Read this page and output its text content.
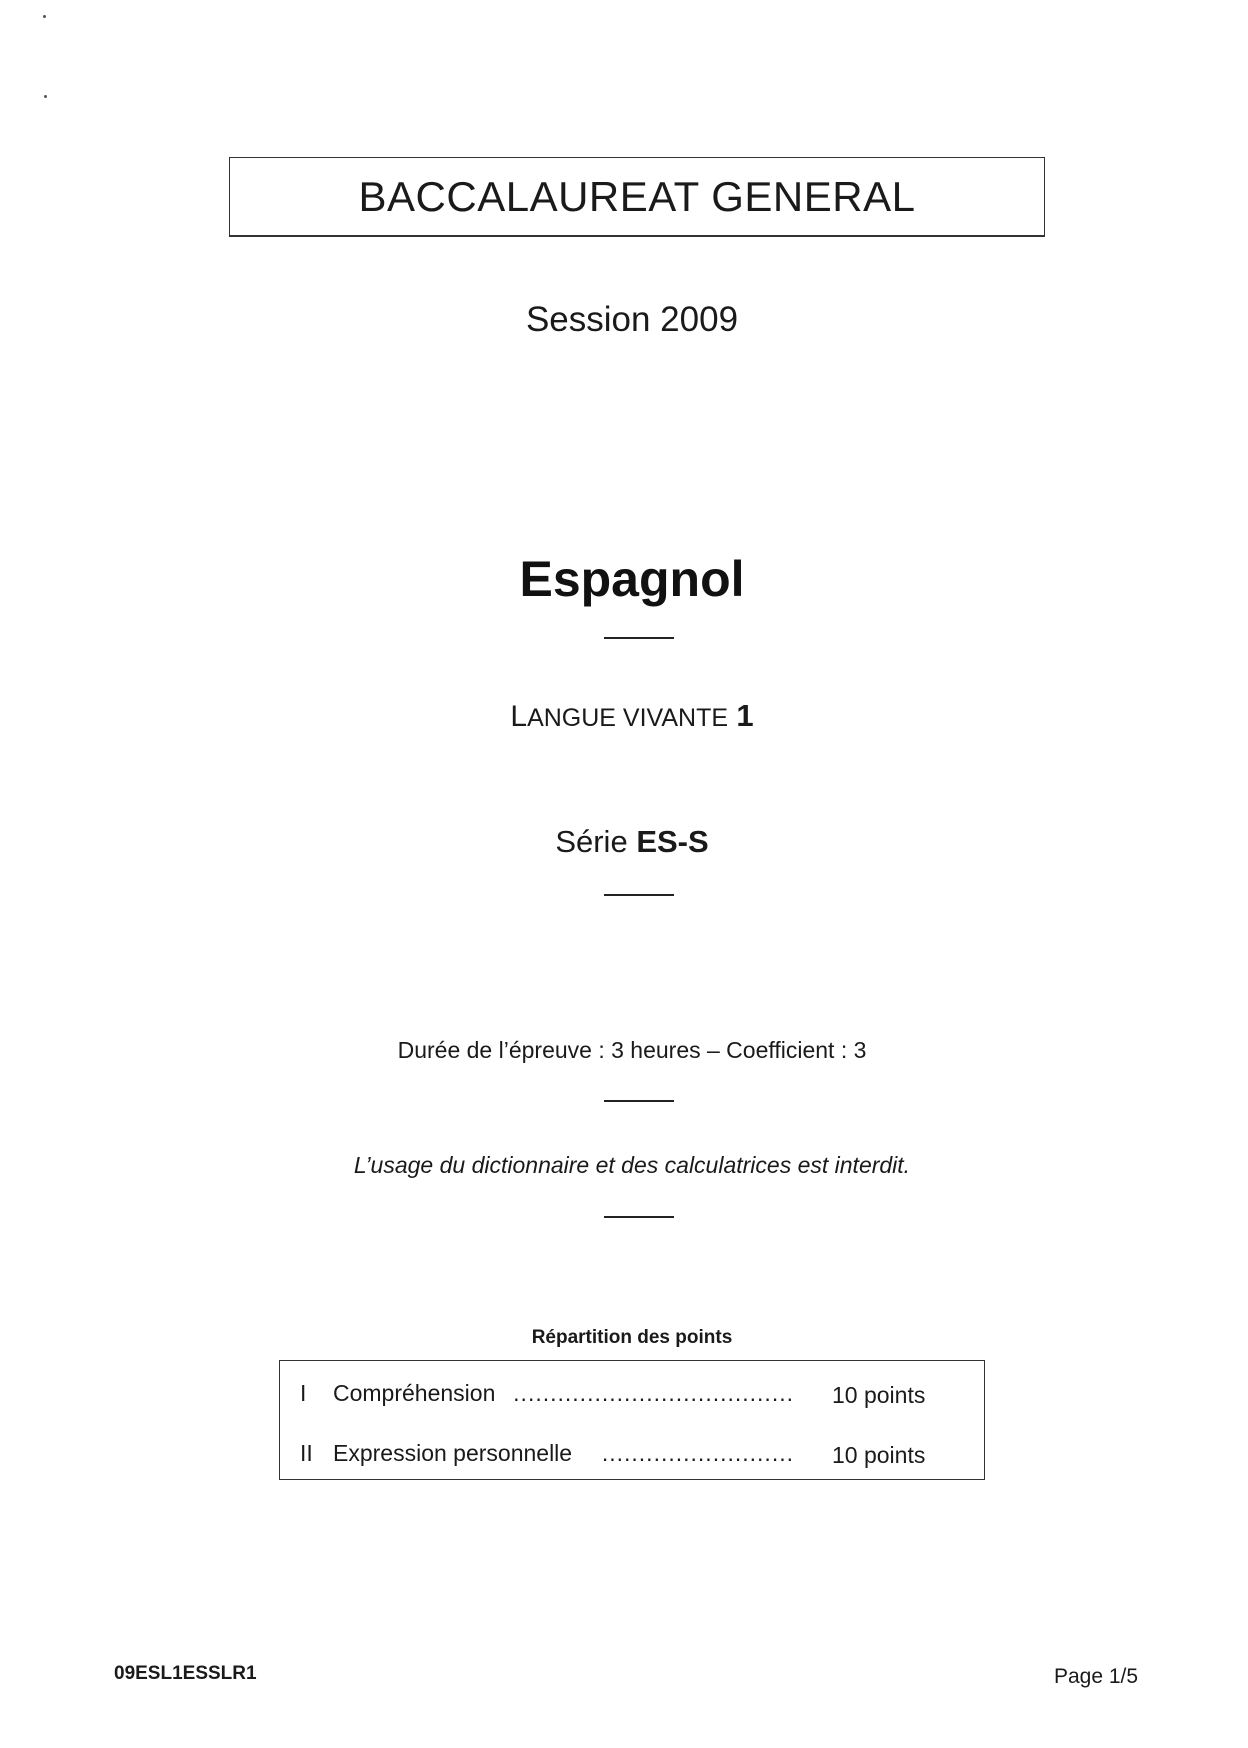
BACCALAUREAT GENERAL
Session 2009
Espagnol
LANGUE VIVANTE 1
Série ES-S
Durée de l’épreuve : 3 heures – Coefficient : 3
L’usage du dictionnaire et des calculatrices est interdit.
Répartition des points
I Compréhension ...................................... 10 points
II Expression personnelle .......................... 10 points
09ESL1ESSLR1	Page 1/5
